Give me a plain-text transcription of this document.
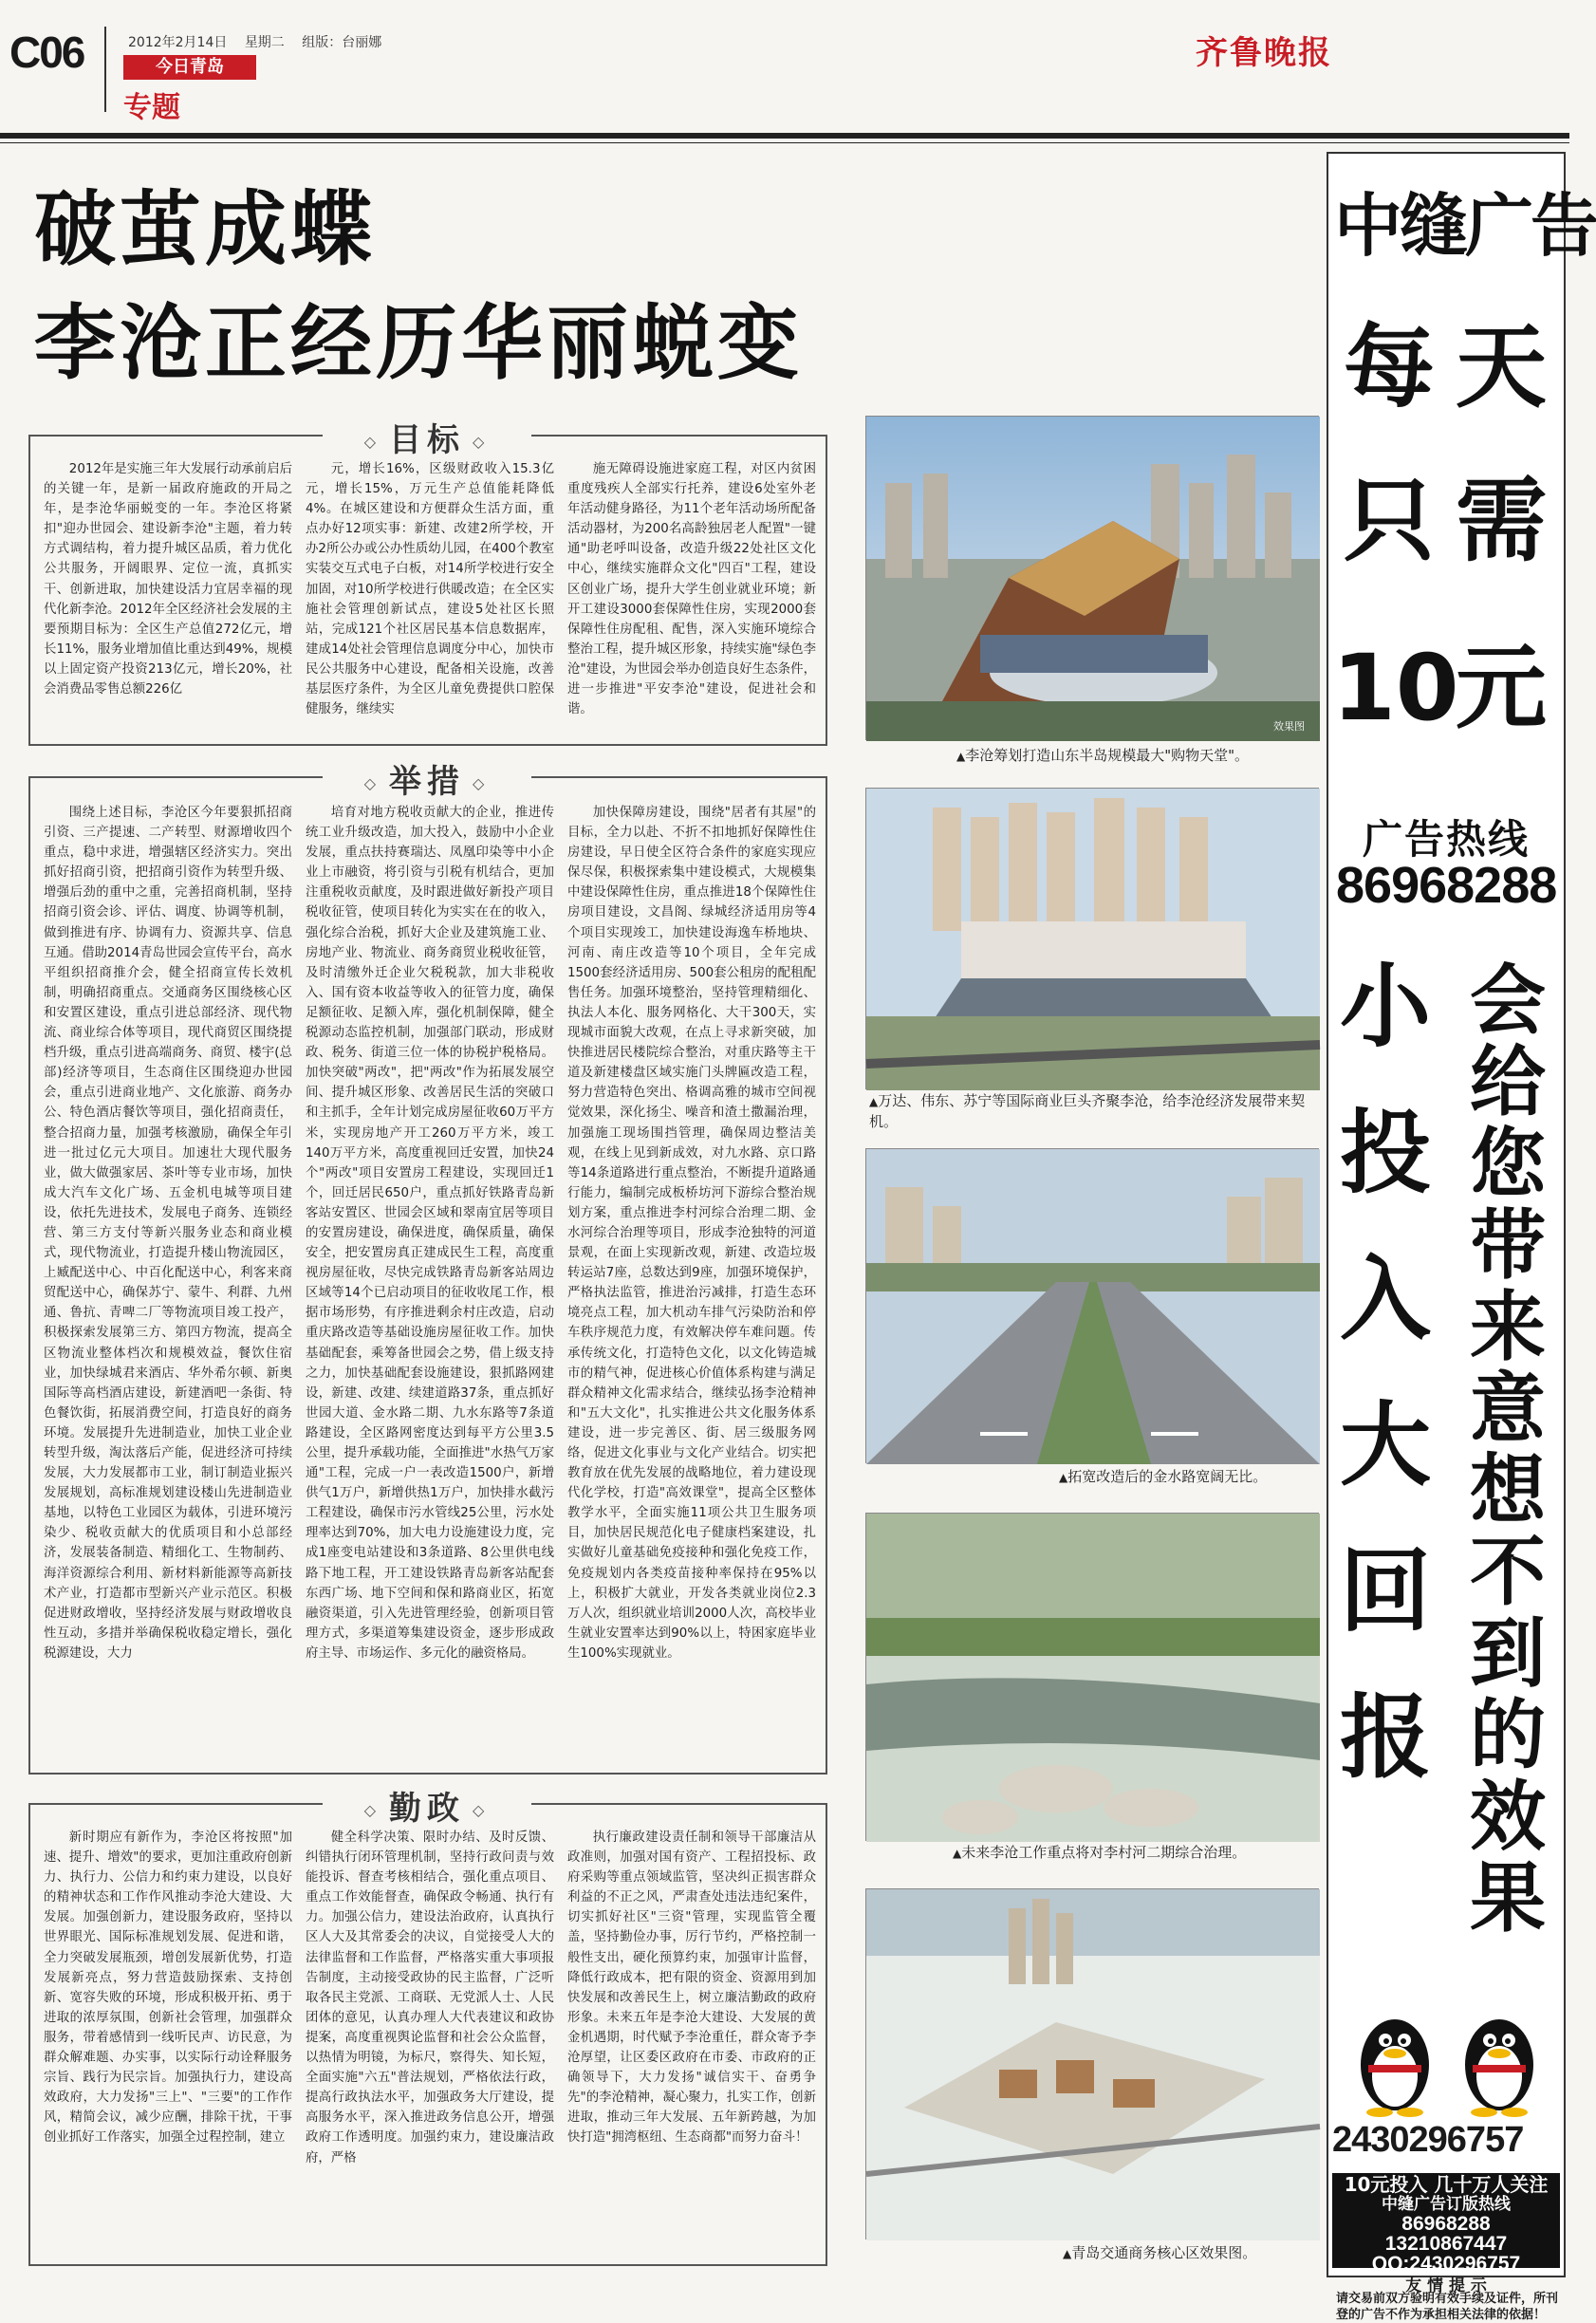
C06	2012年2月14日 星期二 组版：台丽娜
今日青岛
专题
齐鲁晚报
破茧成蝶
李沧正经历华丽蜕变
◇ 目标 ◇
2012年是实施三年大发展行动承前启后的关键一年，是新一届政府施政的开局之年，是李沧华丽蜕变的一年。李沧区将紧扣"迎办世园会、建设新李沧"主题，着力转方式调结构，着力提升城区品质，着力优化公共服务，开阔眼界、定位一流，真抓实干、创新进取，加快建设活力宜居幸福的现代化新李沧。2012年全区经济社会发展的主要预期目标为：全区生产总值272亿元，增长11%，服务业增加值比重达到49%，规模以上固定资产投资213亿元，增长20%，社会消费品零售总额226亿
元，增长16%，区级财政收入15.3亿元，增长15%，万元生产总值能耗降低4%。在城区建设和方便群众生活方面，重点办好12项实事：新建、改建2所学校，开办2所公办或公办性质幼儿园，在400个教室实装交互式电子白板，对14所学校进行安全加固，对10所学校进行供暖改造；在全区实施社会管理创新试点，建设5处社区长照站，完成121个社区居民基本信息数据库，建成14处社会管理信息调度分中心，加快市民公共服务中心建设，配备相关设施，改善基层医疗条件，为全区儿童免费提供口腔保健服务，继续实
施无障碍设施进家庭工程，对区内贫困重度残疾人全部实行托养，建设6处室外老年活动健身路径，为11个老年活动场所配备活动器材，为200名高龄独居老人配置"一键通"助老呼叫设备，改造升级22处社区文化中心，继续实施群众文化"四百"工程，建设区创业广场，提升大学生创业就业环境；新开工建设3000套保障性住房，实现2000套保障性住房配租、配售，深入实施环境综合整治工程，提升城区形象，持续实施"绿色李沧"建设，为世园会举办创造良好生态条件，进一步推进"平安李沧"建设，促进社会和谐。
◇ 举措 ◇
围绕上述目标，李沧区今年要狠抓招商引资、三产提速、二产转型、财源增收四个重点，稳中求进，增强辖区经济实力。突出抓好招商引资，把招商引资作为转型升级、增强后劲的重中之重，完善招商机制，坚持招商引资会诊、评估、调度、协调等机制，做到推进有序、协调有力、资源共享、信息互通。借助2014青岛世园会宣传平台，高水平组织招商推介会，健全招商宣传长效机制，明确招商重点。交通商务区围绕核心区和安置区建设，重点引进总部经济、现代物流、商业综合体等项目，现代商贸区围绕提档升级，重点引进高端商务、商贸、楼宇(总部)经济等项目，生态商住区围绕迎办世园会，重点引进商业地产、文化旅游、商务办公、特色酒店餐饮等项目，强化招商责任，整合招商力量，加强考核激励，确保全年引进一批过亿元大项目。加速壮大现代服务业，做大做强家居、茶叶等专业市场，加快成大汽车文化广场、五金机电城等项目建设，依托先进技术，发展电子商务、连锁经营、第三方支付等新兴服务业态和商业模式，现代物流业，打造提升楼山物流园区，上臧配送中心、中百化配送中心，利客来商贸配送中心，确保苏宁、蒙牛、利群、九州通、鲁抗、青啤二厂等物流项目竣工投产，积极探索发展第三方、第四方物流，提高全区物流业整体档次和规模效益，餐饮住宿业，加快绿城君来酒店、华外希尔顿、新奥国际等高档酒店建设，新建酒吧一条街、特色餐饮街，拓展消费空间，打造良好的商务环境。发展提升先进制造业，加快工业企业转型升级，淘汰落后产能，促进经济可持续发展，大力发展都市工业，制订制造业振兴发展规划，高标准规划建设楼山先进制造业基地，以特色工业园区为载体，引进环境污染少、税收贡献大的优质项目和小总部经济，发展装备制造、精细化工、生物制药、海洋资源综合利用、新材料新能源等高新技术产业，打造都市型新兴产业示范区。积极促进财政增收，坚持经济发展与财政增收良性互动，多措并举确保税收稳定增长，强化税源建设，大力
培育对地方税收贡献大的企业，推进传统工业升级改造，加大投入，鼓励中小企业发展，重点扶持赛瑞达、凤凰印染等中小企业上市融资，将引资与引税有机结合，更加注重税收贡献度，及时跟进做好新投产项目税收征管，使项目转化为实实在在的收入，强化综合治税，抓好大企业及建筑施工业、房地产业、物流业、商务商贸业税收征管，及时清缴外迁企业欠税税款，加大非税收入、国有资本收益等收入的征管力度，确保足额征收、足额入库，强化机制保障，健全税源动态监控机制，加强部门联动，形成财政、税务、街道三位一体的协税护税格局。加快突破"两改"，把"两改"作为拓展发展空间、提升城区形象、改善居民生活的突破口和主抓手，全年计划完成房屋征收60万平方米，实现房地产开工260万平方米，竣工140万平方米，高度重视回迁安置，加快24个"两改"项目安置房工程建设，实现回迁1个，回迁居民650户，重点抓好铁路青岛新客站安置区、世园会区域和翠南宜居等项目的安置房建设，确保进度，确保质量，确保安全，把安置房真正建成民生工程，高度重视房屋征收，尽快完成铁路青岛新客站周边区域等14个已启动项目的征收收尾工作，根据市场形势，有序推进剩余村庄改造，启动重庆路改造等基础设施房屋征收工作。加快基础配套，乘筹备世园会之势，借上级支持之力，加快基础配套设施建设，狠抓路网建设，新建、改建、续建道路37条，重点抓好世园大道、金水路二期、九水东路等7条道路建设，全区路网密度达到每平方公里3.5公里，提升承载功能，全面推进"水热气万家通"工程，完成一户一表改造1500户，新增供气1万户，新增供热1万户，加快排水截污工程建设，确保市污水管线25公里，污水处理率达到70%，加大电力设施建设力度，完成1座变电站建设和3条道路、8公里供电线路下地工程，开工建设铁路青岛新客站配套东西广场、地下空间和保和路商业区，拓宽融资渠道，引入先进管理经验，创新项目管理方式，多渠道筹集建设资金，逐步形成政府主导、市场运作、多元化的融资格局。
加快保障房建设，围绕"居者有其屋"的目标，全力以赴、不折不扣地抓好保障性住房建设，早日使全区符合条件的家庭实现应保尽保，积极探索集中建设模式，大规模集中建设保障性住房，重点推进18个保障性住房项目建设，文昌阁、绿城经济适用房等4个项目实现竣工，加快建设海逸车桥地块、河南、南庄改造等10个项目，全年完成1500套经济适用房、500套公租房的配租配售任务。加强环境整治，坚持管理精细化、执法人本化、服务网格化、大干300天，实现城市面貌大改观，在点上寻求新突破，加快推进居民楼院综合整治，对重庆路等主干道及新建楼盘区域实施门头牌匾改造工程，努力营造特色突出、格调高雅的城市空间视觉效果，深化扬尘、噪音和渣土撒漏治理，加强施工现场围挡管理，确保周边整洁美观，在线上见到新成效，对九水路、京口路等14条道路进行重点整治，不断提升道路通行能力，编制完成板桥坊河下游综合整治规划方案，重点推进李村河综合治理二期、金水河综合治理等项目，形成李沧独特的河道景观，在面上实现新改观，新建、改造垃圾转运站7座，总数达到9座，加强环境保护，严格执法监管，推进治污减排，打造生态环境亮点工程，加大机动车排气污染防治和停车秩序规范力度，有效解决停车难问题。传承传统文化，打造特色文化，以文化铸造城市的精气神，促进核心价值体系构建与满足群众精神文化需求结合，继续弘扬李沧精神和"五大文化"，扎实推进公共文化服务体系建设，进一步完善区、街、居三级服务网络，促进文化事业与文化产业结合。切实把教育放在优先发展的战略地位，着力建设现代化学校，打造"高效课堂"，提高全区整体教学水平，全面实施11项公共卫生服务项目，加快居民规范化电子健康档案建设，扎实做好儿童基础免疫接种和强化免疫工作，免疫规划内各类疫苗接种率保持在95%以上，积极扩大就业，开发各类就业岗位2.3万人次，组织就业培训2000人次，高校毕业生就业安置率达到90%以上，特困家庭毕业生100%实现就业。
◇ 勤政 ◇
新时期应有新作为，李沧区将按照"加速、提升、增效"的要求，更加注重政府创新力、执行力、公信力和约束力建设，以良好的精神状态和工作作风推动李沧大建设、大发展。加强创新力，建设服务政府，坚持以世界眼光、国际标准规划发展、促进和谐，全力突破发展瓶颈，增创发展新优势，打造发展新亮点，努力营造鼓励探索、支持创新、宽容失败的环境，形成积极开拓、勇于进取的浓厚氛围，创新社会管理，加强群众服务，带着感情到一线听民声、访民意，为群众解难题、办实事，以实际行动诠释服务宗旨、践行为民宗旨。加强执行力，建设高效政府，大力发扬"三上"、"三要"的工作作风，精简会议，减少应酬，排除干扰，干事创业抓好工作落实，加强全过程控制，建立
健全科学决策、限时办结、及时反馈、纠错执行闭环管理机制，坚持行政问责与效能投诉、督查考核相结合，强化重点项目、重点工作效能督查，确保政令畅通、执行有力。加强公信力，建设法治政府，认真执行区人大及其常委会的决议，自觉接受人大的法律监督和工作监督，严格落实重大事项报告制度，主动接受政协的民主监督，广泛听取各民主党派、工商联、无党派人士、人民团体的意见，认真办理人大代表建议和政协提案，高度重视舆论监督和社会公众监督，以热情为明镜，为标尺，察得失、知长短，全面实施"六五"普法规划，严格依法行政，提高行政执法水平，加强政务大厅建设，提高服务水平，深入推进政务信息公开，增强政府工作透明度。加强约束力，建设廉洁政府，严格
执行廉政建设责任制和领导干部廉洁从政准则，加强对国有资产、工程招投标、政府采购等重点领域监管，坚决纠正损害群众利益的不正之风，严肃查处违法违纪案件，切实抓好社区"三资"管理，实现监管全覆盖，坚持勤俭办事，厉行节约，严格控制一般性支出，硬化预算约束，加强审计监督，降低行政成本，把有限的资金、资源用到加快发展和改善民生上，树立廉洁勤政的政府形象。未来五年是李沧大建设、大发展的黄金机遇期，时代赋予李沧重任，群众寄予李沧厚望，让区委区政府在市委、市政府的正确领导下，大力发扬"诚信实干、奋勇争先"的李沧精神，凝心聚力，扎实工作，创新进取，推动三年大发展、五年新跨越，为加快打造"拥湾枢纽、生态商都"而努力奋斗！
效果图
▲ 李沧筹划打造山东半岛规模最大"购物天堂"。
▲ 万达、伟东、苏宁等国际商业巨头齐聚李沧，给李沧经济发展带来契机。
▲ 拓宽改造后的金水路宽阔无比。
▲ 未来李沧工作重点将对李村河二期综合治理。
▲ 青岛交通商务核心区效果图。
中缝广告
每 天
只 需
10
元
广告热线
86968288
小
投
入
大
回
报
会
给
您
带
来
意
想
不
到
的
效
果
2430296757
10元投入 几十万人关注
中缝广告订版热线
86968288
13210867447
QQ:2430296757
友 情 提 示
请交易前双方验明有效手续及证件，所刊登的广告不作为承担相关法律的依据！
